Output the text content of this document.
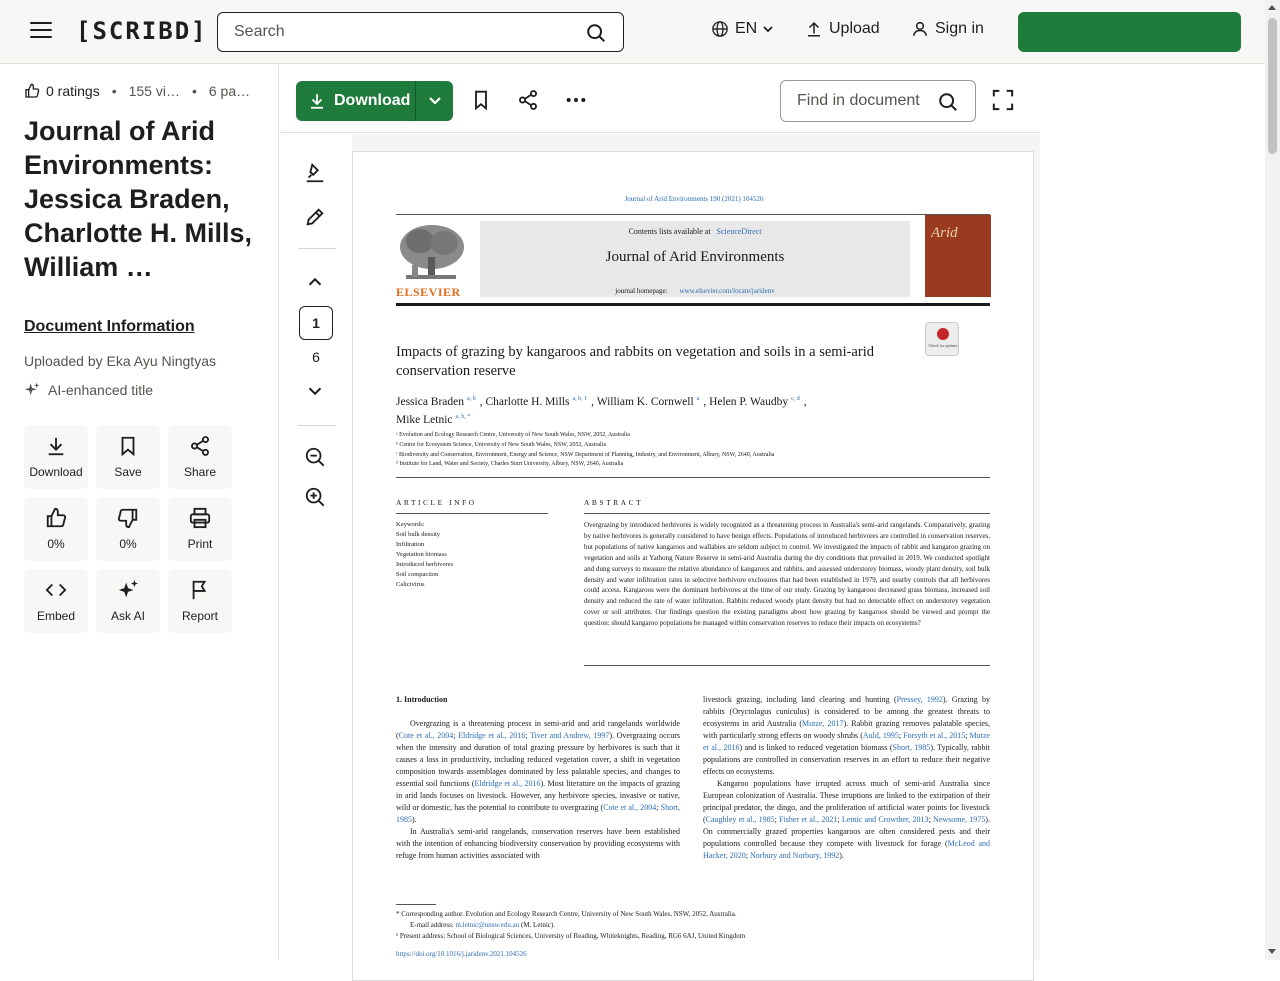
[SCRIBD]
Search	EN	Upload	Sign in
0 ratings • 155 vi… • 6 pa…
Journal of Arid Environments: Jessica Braden, Charlotte H. Mills, William …
Document Information
Uploaded by Eka Ayu Ningtyas
AI-enhanced title
Download	Save	Share
0%	0%	Print
Embed	Ask AI	Report
Download
Find in document
1
6
Journal of Arid Environments 190 (2021) 104526
ELSEVIER
Contents lists available at ScienceDirect
Journal of Arid Environments
journal homepage: www.elsevier.com/locate/jaridenv
Arid
Check for updates
Impacts of grazing by kangaroos and rabbits on vegetation and soils in a semi-arid conservation reserve
Jessica Braden $^{a, b}$ , Charlotte H. Mills $^{a, b, 1}$ , William K. Cornwell $^a$ , Helen P. Waudby $^{c, d}$ ,
Mike Letnic $^{a, b, *}$
ᵃ Evolution and Ecology Research Centre, University of New South Wales, NSW, 2052, Australia
ᵇ Centre for Ecosystem Science, University of New South Wales, NSW, 2052, Australia
ᶜ Biodiversity and Conservation, Environment, Energy and Science, NSW Department of Planning, Industry, and Environment, Albury, NSW, 2640, Australia
ᵈ Institute for Land, Water and Society, Charles Sturt University, Albury, NSW, 2640, Australia
ARTICLE INFO	ABSTRACT
Keywords:
Soil bulk density
Infiltration
Vegetation biomass
Introduced herbivores
Soil compaction
Calicivirus
Overgrazing by introduced herbivores is widely recognized as a threatening process in Australia's semi-arid rangelands. Comparatively, grazing by native herbivores is generally considered to have benign effects. Populations of introduced herbivores are controlled in conservation reserves, but populations of native kangaroos and wallabies are seldom subject to control. We investigated the impacts of rabbit and kangaroo grazing on vegetation and soils at Yathong Nature Reserve in semi-arid Australia during the dry conditions that prevailed in 2019. We conducted spotlight and dung surveys to measure the relative abundance of kangaroos and rabbits, and assessed understorey biomass, woody plant density, soil bulk density and water infiltration rates in selective herbivore exclosures that had been established in 1979, and nearby controls that all herbivores could access. Kangaroos were the dominant herbivores at the time of our study. Grazing by kangaroos decreased grass biomass, increased soil density and reduced the rate of water infiltration. Rabbits reduced woody plant density but had no detectable effect on understorey vegetation cover or soil attributes. Our findings question the existing paradigms about how grazing by kangaroos should be viewed and prompt the question: should kangaroo populations be managed within conservation reserves to reduce their impacts on ecosystems?
1. Introduction
Overgrazing is a threatening process in semi-arid and arid rangelands worldwide (Cote et al., 2004; Eldridge et al., 2016; Tiver and Andrew, 1997). Overgrazing occurs when the intensity and duration of total grazing pressure by herbivores is such that it causes a loss in productivity, including reduced vegetation cover, a shift in vegetation composition towards assemblages dominated by less palatable species, and changes to essential soil functions (Eldridge et al., 2016). Most literature on the impacts of grazing in arid lands focuses on livestock. However, any herbivore species, invasive or native, wild or domestic, has the potential to contribute to overgrazing (Cote et al., 2004; Short, 1985).
In Australia's semi-arid rangelands, conservation reserves have been established with the intention of enhancing biodiversity conservation by providing ecosystems with refuge from human activities associated with
livestock grazing, including land clearing and hunting (Pressey, 1992). Grazing by rabbits (Oryctolagus cuniculus) is considered to be among the greatest threats to ecosystems in arid Australia (Mutze, 2017). Rabbit grazing removes palatable species, with particularly strong effects on woody shrubs (Auld, 1995; Forsyth et al., 2015; Mutze et al., 2016) and is linked to reduced vegetation biomass (Short, 1985). Typically, rabbit populations are controlled in conservation reserves in an effort to reduce their negative effects on ecosystems.
Kangaroo populations have irrupted across much of semi-arid Australia since European colonization of Australia. These irruptions are linked to the extirpation of their principal predator, the dingo, and the proliferation of artificial water points for livestock (Caughley et al., 1985; Fisher et al., 2021; Letnic and Crowther, 2013; Newsome, 1975). On commercially grazed properties kangaroos are often considered pests and their populations controlled because they compete with livestock for forage (McLeod and Hacker, 2020; Norbury and Norbury, 1992).
* Corresponding author. Evolution and Ecology Research Centre, University of New South Wales, NSW, 2052, Australia.
E-mail address: m.letnic@unsw.edu.au (M. Letnic).
¹ Present address: School of Biological Sciences, University of Reading, Whiteknights, Reading, RG6 6AJ, United Kingdom
https://doi.org/10.1016/j.jaridenv.2021.104526
